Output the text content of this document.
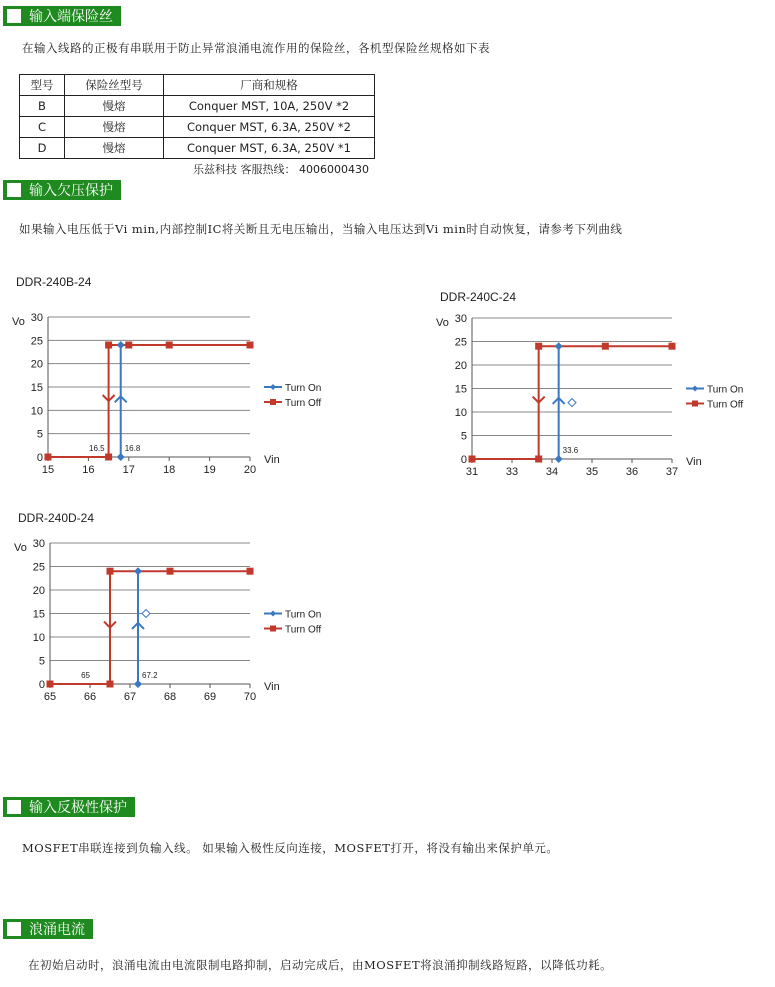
输入端保险丝
在输入线路的正极有串联用于防止异常浪涌电流作用的保险丝，各机型保险丝规格如下表
型号	保险丝型号	厂商和规格
B	慢熔	Conquer MST, 10A, 250V *2
C	慢熔	Conquer MST, 6.3A, 250V *2
D	慢熔	Conquer MST, 6.3A, 250V *1
乐兹科技 客服热线： 4006000430
输入欠压保护
如果输入电压低于Vi min,内部控制IC将关断且无电压输出，当输入电压达到Vi min时自动恢复，请参考下列曲线
DDR-240B-24
Vo
Vin
0
5
10
15
20
25
30
15	16	17	18	19	20
16.5	16.8
Turn On
Turn Off
DDR-240C-24
Vo
Vin
0
5
10
15
20
25
30
31	33	34	35	36	37
33.6
Turn On
Turn Off
DDR-240D-24
Vo
Vin
0
5
10
15
20
25
30
65	66	67	68	69	70
65	67.2
Turn On
Turn Off
输入反极性保护
MOSFET串联连接到负输入线。 如果输入极性反向连接，MOSFET打开，将没有输出来保护单元。
浪涌电流
在初始启动时，浪涌电流由电流限制电路抑制，启动完成后，由MOSFET将浪涌抑制线路短路，以降低功耗。
